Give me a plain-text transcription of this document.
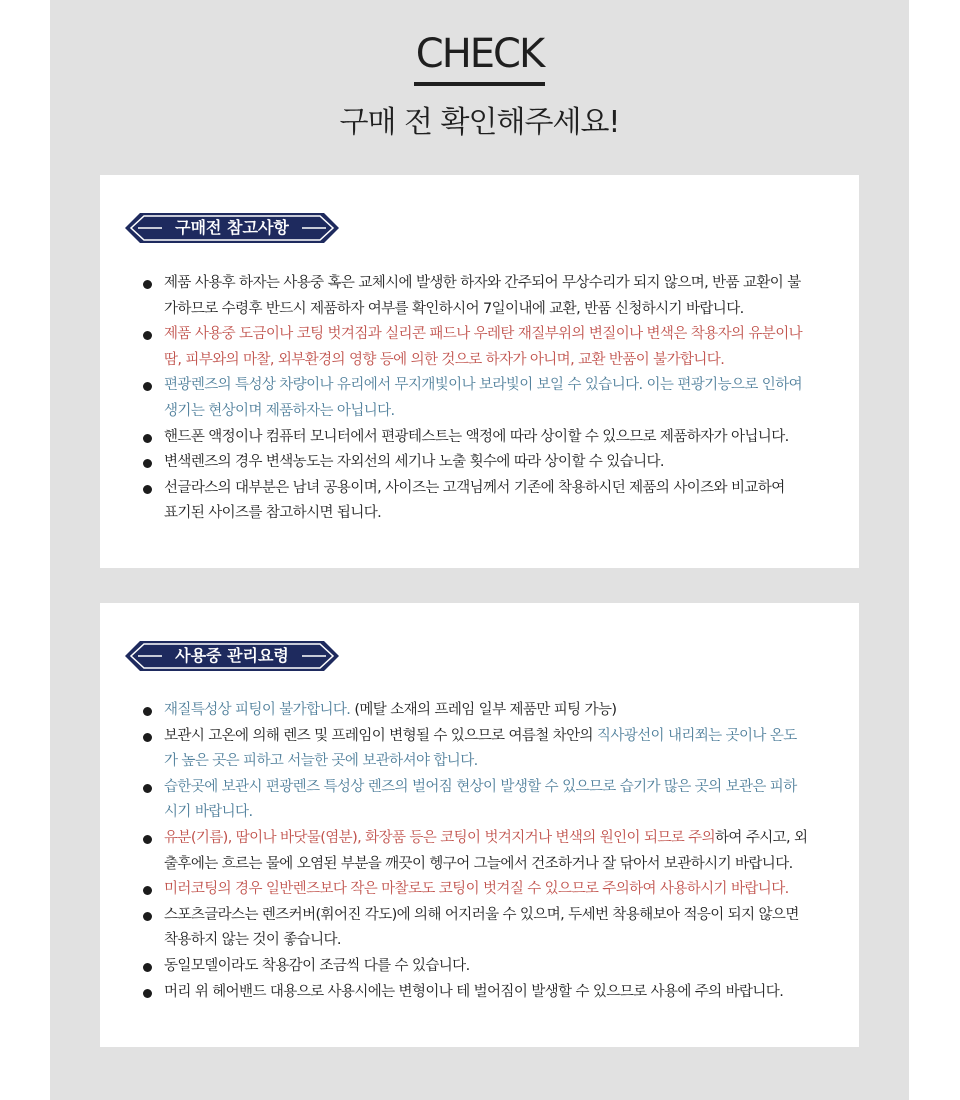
CHECK
구매 전 확인해주세요!
구매전 참고사항
제품 사용후 하자는 사용중 혹은 교체시에 발생한 하자와 간주되어 무상수리가 되지 않으며, 반품 교환이 불
가하므로 수령후 반드시 제품하자 여부를 확인하시어 7일이내에 교환, 반품 신청하시기 바랍니다.
제품 사용중 도금이나 코팅 벗겨짐과 실리콘 패드나 우레탄 재질부위의 변질이나 변색은 착용자의 유분이나
땀, 피부와의 마찰, 외부환경의 영향 등에 의한 것으로 하자가 아니며, 교환 반품이 불가합니다.
편광렌즈의 특성상 차량이나 유리에서 무지개빛이나 보라빛이 보일 수 있습니다. 이는 편광기능으로 인하여
생기는 현상이며 제품하자는 아닙니다.
핸드폰 액정이나 컴퓨터 모니터에서 편광테스트는 액정에 따라 상이할 수 있으므로 제품하자가 아닙니다.
변색렌즈의 경우 변색농도는 자외선의 세기나 노출 횟수에 따라 상이할 수 있습니다.
선글라스의 대부분은 남녀 공용이며, 사이즈는 고객님께서 기존에 착용하시던 제품의 사이즈와 비교하여
표기된 사이즈를 참고하시면 됩니다.
사용중 관리요령
재질특성상 피팅이 불가합니다. (메탈 소재의 프레임 일부 제품만 피팅 가능)
보관시 고온에 의해 렌즈 및 프레임이 변형될 수 있으므로 여름철 차안의 직사광선이 내리쬐는 곳이나 온도
가 높은 곳은 피하고 서늘한 곳에 보관하셔야 합니다.
습한곳에 보관시 편광렌즈 특성상 렌즈의 벌어짐 현상이 발생할 수 있으므로 습기가 많은 곳의 보관은 피하
시기 바랍니다.
유분(기름), 땀이나 바닷물(염분), 화장품 등은 코팅이 벗겨지거나 변색의 원인이 되므로 주의하여 주시고, 외
출후에는 흐르는 물에 오염된 부분을 깨끗이 헹구어 그늘에서 건조하거나 잘 닦아서 보관하시기 바랍니다.
미러코팅의 경우 일반렌즈보다 작은 마찰로도 코팅이 벗겨질 수 있으므로 주의하여 사용하시기 바랍니다.
스포츠글라스는 렌즈커버(휘어진 각도)에 의해 어지러울 수 있으며, 두세번 착용해보아 적응이 되지 않으면
착용하지 않는 것이 좋습니다.
동일모델이라도 착용감이 조금씩 다를 수 있습니다.
머리 위 헤어밴드 대용으로 사용시에는 변형이나 테 벌어짐이 발생할 수 있으므로 사용에 주의 바랍니다.
